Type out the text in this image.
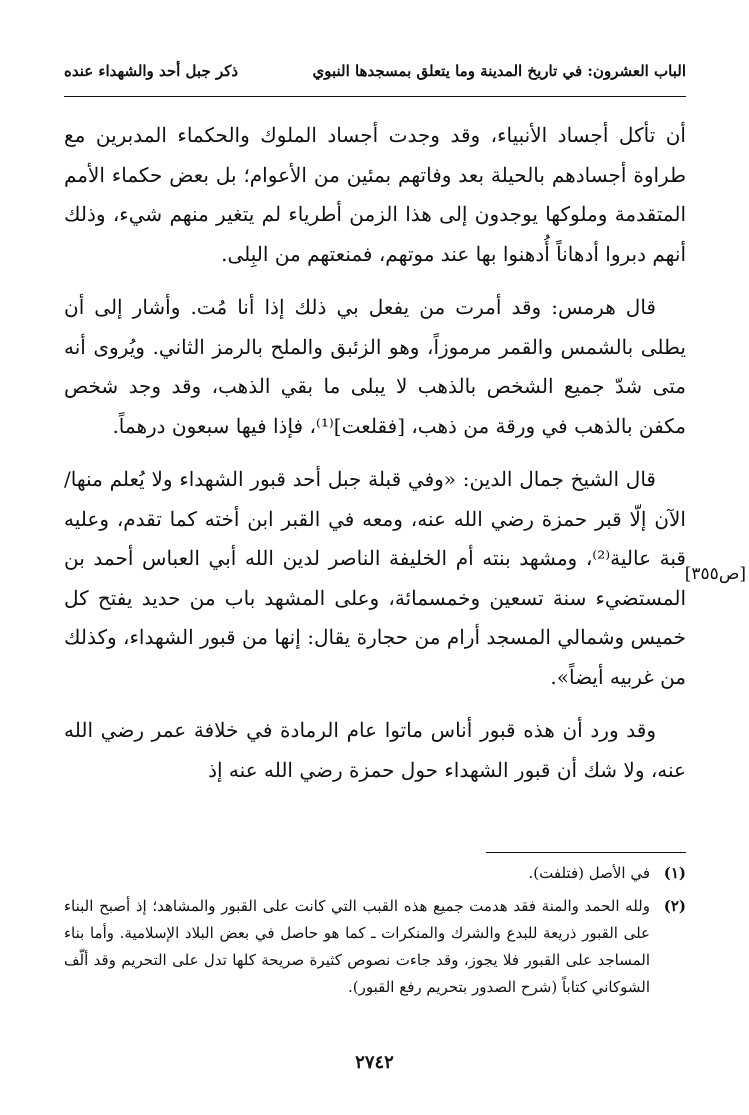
الباب العشرون: في تاريخ المدينة وما يتعلق بمسجدها النبوي
ذكر جبل أحد والشهداء عنده

أن تأكل أجساد الأنبياء، وقد وجدت أجساد الملوك والحكماء المدبرين مع طراوة أجسادهم بالحيلة بعد وفاتهم بمئين من الأعوام؛ بل بعض حكماء الأمم المتقدمة وملوكها يوجدون إلى هذا الزمن أطرياء لم يتغير منهم شيء، وذلك أنهم دبروا أدهاناً أُدهنوا بها عند موتهم، فمنعتهم من البِلى.

قال هرمس: وقد أمرت من يفعل بي ذلك إذا أنا مُت. وأشار إلى أن يطلى بالشمس والقمر مرموزاً، وهو الزئبق والملح بالرمز الثاني. ويُروى أنه متى شدّ جميع الشخص بالذهب لا يبلى ما بقي الذهب، وقد وجد شخص مكفن بالذهب في ورقة من ذهب، [فقلعت]⁽¹⁾، فإذا فيها سبعون درهماً.

قال الشيخ جمال الدين: «وفي قبلة جبل أحد قبور الشهداء ولا يُعلم منها/ الآن إلّا قبر حمزة رضي الله عنه، ومعه في القبر ابن أخته كما تقدم، وعليه قبة عالية⁽²⁾، ومشهد بنته أم الخليفة الناصر لدين الله أبي العباس أحمد بن المستضيء سنة تسعين وخمسمائة، وعلى المشهد باب من حديد يفتح كل خميس وشمالي المسجد أرام من حجارة يقال: إنها من قبور الشهداء، وكذلك من غربيه أيضاً».

وقد ورد أن هذه قبور أناس ماتوا عام الرمادة في خلافة عمر رضي الله عنه، ولا شك أن قبور الشهداء حول حمزة رضي الله عنه إذ

[ص٣٥٥]
(١)
في الأصل (فتلفت).
(٢)
ولله الحمد والمنة فقد هدمت جميع هذه القبب التي كانت على القبور والمشاهد؛ إذ أصبح البناء على القبور ذريعة للبدع والشرك والمنكرات ـ كما هو حاصل في بعض البلاد الإسلامية. وأما بناء المساجد على القبور فلا يجوز، وقد جاءت نصوص كثيرة صريحة كلها تدل على التحريم وقد ألّف الشوكاني كتاباً (شرح الصدور بتحريم رفع القبور).
٢٧٤٢
